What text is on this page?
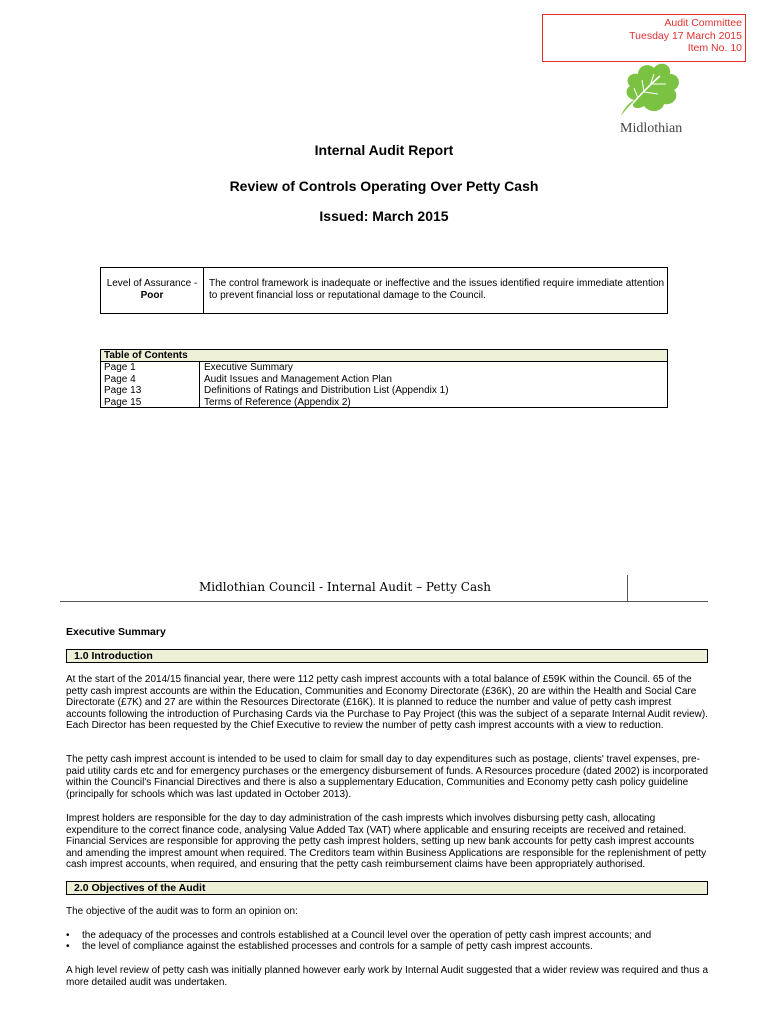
Audit Committee
Tuesday 17 March 2015
Item No. 10
Midlothian
Internal Audit Report
Review of Controls Operating Over Petty Cash
Issued: March 2015
Level of Assurance -
Poor
The control framework is inadequate or ineffective and the issues identified require immediate attention to prevent financial loss or reputational damage to the Council.
Table of Contents
Page 1	Executive Summary
Page 4	Audit Issues and Management Action Plan
Page 13	Definitions of Ratings and Distribution List (Appendix 1)
Page 15	Terms of Reference (Appendix 2)
Midlothian Council - Internal Audit – Petty Cash
Executive Summary
1.0 Introduction
At the start of the 2014/15 financial year, there were 112 petty cash imprest accounts with a total balance of £59K within the Council. 65 of the petty cash imprest accounts are within the Education, Communities and Economy Directorate (£36K), 20 are within the Health and Social Care Directorate (£7K) and 27 are within the Resources Directorate (£16K). It is planned to reduce the number and value of petty cash imprest accounts following the introduction of Purchasing Cards via the Purchase to Pay Project (this was the subject of a separate Internal Audit review). Each Director has been requested by the Chief Executive to review the number of petty cash imprest accounts with a view to reduction.
The petty cash imprest account is intended to be used to claim for small day to day expenditures such as postage, clients' travel expenses, pre-paid utility cards etc and for emergency purchases or the emergency disbursement of funds. A Resources procedure (dated 2002) is incorporated within the Council's Financial Directives and there is also a supplementary Education, Communities and Economy petty cash policy guideline (principally for schools which was last updated in October 2013).
Imprest holders are responsible for the day to day administration of the cash imprests which involves disbursing petty cash, allocating expenditure to the correct finance code, analysing Value Added Tax (VAT) where applicable and ensuring receipts are received and retained. Financial Services are responsible for approving the petty cash imprest holders, setting up new bank accounts for petty cash imprest accounts and amending the imprest amount when required. The Creditors team within Business Applications are responsible for the replenishment of petty cash imprest accounts, when required, and ensuring that the petty cash reimbursement claims have been appropriately authorised.
2.0 Objectives of the Audit
The objective of the audit was to form an opinion on:
•	the adequacy of the processes and controls established at a Council level over the operation of petty cash imprest accounts; and
•	the level of compliance against the established processes and controls for a sample of petty cash imprest accounts.
A high level review of petty cash was initially planned however early work by Internal Audit suggested that a wider review was required and thus a more detailed audit was undertaken.
